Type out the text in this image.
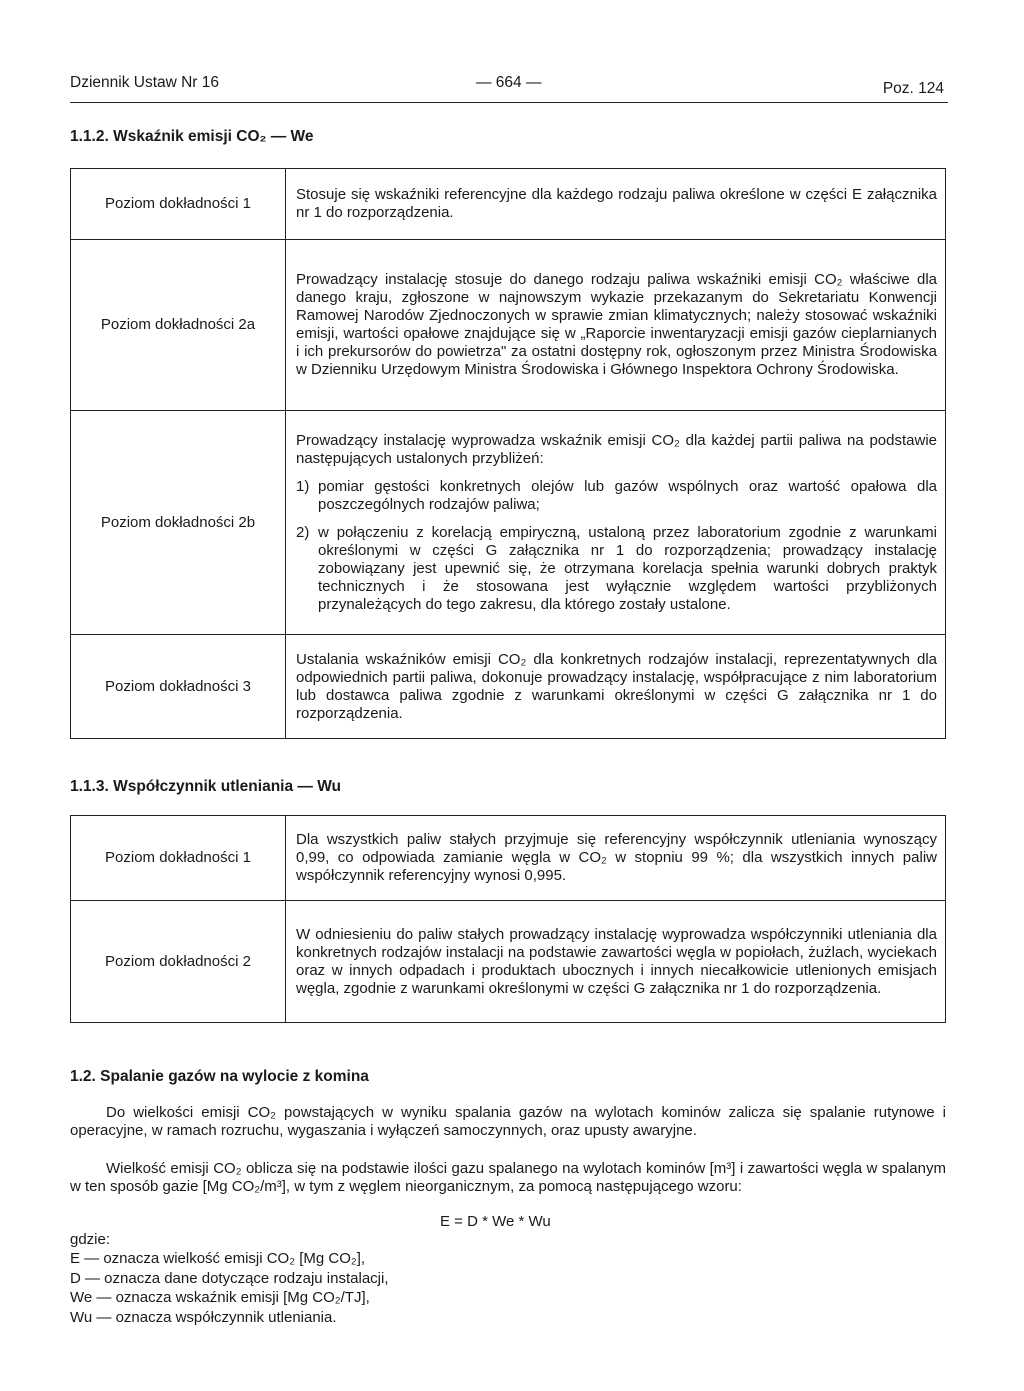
Dziennik Ustaw Nr 16	— 664 —	Poz. 124
1.1.2. Wskaźnik emisji CO₂ — We
Poziom dokładności 1	Stosuje się wskaźniki referencyjne dla każdego rodzaju paliwa określone w części E załącznika nr 1 do rozporządzenia.
Poziom dokładności 2a	Prowadzący instalację stosuje do danego rodzaju paliwa wskaźniki emisji CO₂ właściwe dla danego kraju, zgłoszone w najnowszym wykazie przekazanym do Sekretariatu Konwencji Ramowej Narodów Zjednoczonych w sprawie zmian klimatycznych; należy stosować wskaźniki emisji, wartości opałowe znajdujące się w „Raporcie inwentaryzacji emisji gazów cieplarnianych i ich prekursorów do powietrza" za ostatni dostępny rok, ogłoszonym przez Ministra Środowiska w Dzienniku Urzędowym Ministra Środowiska i Głównego Inspektora Ochrony Środowiska.
Poziom dokładności 2b	Prowadzący instalację wyprowadza wskaźnik emisji CO₂ dla każdej partii paliwa na podstawie następujących ustalonych przybliżeń:

1) pomiar gęstości konkretnych olejów lub gazów wspólnych oraz wartość opałowa dla poszczególnych rodzajów paliwa;
2) w połączeniu z korelacją empiryczną, ustaloną przez laboratorium zgodnie z warunkami określonymi w części G załącznika nr 1 do rozporządzenia; prowadzący instalację zobowiązany jest upewnić się, że otrzymana korelacja spełnia warunki dobrych praktyk technicznych i że stosowana jest wyłącznie względem wartości przybliżonych przynależących do tego zakresu, dla którego zostały ustalone.

Poziom dokładności 3	Ustalania wskaźników emisji CO₂ dla konkretnych rodzajów instalacji, reprezentatywnych dla odpowiednich partii paliwa, dokonuje prowadzący instalację, współpracujące z nim laboratorium lub dostawca paliwa zgodnie z warunkami określonymi w części G załącznika nr 1 do rozporządzenia.
1.1.3. Współczynnik utleniania — Wu
Poziom dokładności 1	Dla wszystkich paliw stałych przyjmuje się referencyjny współczynnik utleniania wynoszący 0,99, co odpowiada zamianie węgla w CO₂ w stopniu 99 %; dla wszystkich innych paliw współczynnik referencyjny wynosi 0,995.
Poziom dokładności 2	W odniesieniu do paliw stałych prowadzący instalację wyprowadza współczynniki utleniania dla konkretnych rodzajów instalacji na podstawie zawartości węgla w popiołach, żużlach, wyciekach oraz w innych odpadach i produktach ubocznych i innych niecałkowicie utlenionych emisjach węgla, zgodnie z warunkami określonymi w części G załącznika nr 1 do rozporządzenia.
1.2. Spalanie gazów na wylocie z komina

Do wielkości emisji CO₂ powstających w wyniku spalania gazów na wylotach kominów zalicza się spalanie rutynowe i operacyjne, w ramach rozruchu, wygaszania i wyłączeń samoczynnych, oraz upusty awaryjne.

Wielkość emisji CO₂ oblicza się na podstawie ilości gazu spalanego na wylotach kominów [m³] i zawartości węgla w spalanym w ten sposób gazie [Mg CO₂/m³], w tym z węglem nieorganicznym, za pomocą następującego wzoru:

E = D * We * Wu
gdzie:
E — oznacza wielkość emisji CO₂ [Mg CO₂],
D — oznacza dane dotyczące rodzaju instalacji,
We — oznacza wskaźnik emisji [Mg CO₂/TJ],
Wu — oznacza współczynnik utleniania.
